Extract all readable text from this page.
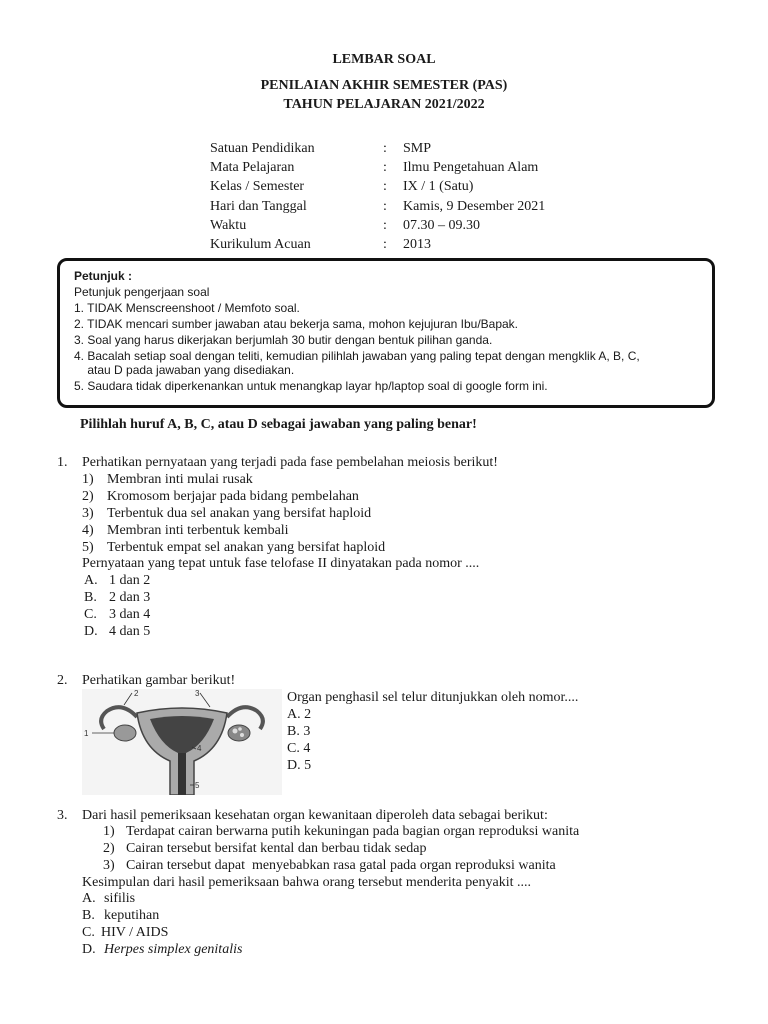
LEMBAR SOAL
PENILAIAN AKHIR SEMESTER (PAS)
TAHUN PELAJARAN 2021/2022
Satuan Pendidikan	: SMP
Mata Pelajaran	: Ilmu Pengetahuan Alam
Kelas / Semester	: IX / 1 (Satu)
Hari dan Tanggal	: Kamis, 9 Desember 2021
Waktu	: 07.30 – 09.30
Kurikulum Acuan	: 2013
Petunjuk :
Petunjuk pengerjaan soal
1. TIDAK Menscreenshoot / Memfoto soal.
2. TIDAK mencari sumber jawaban atau bekerja sama, mohon kejujuran Ibu/Bapak.
3. Soal yang harus dikerjakan berjumlah 30 butir dengan bentuk pilihan ganda.
4. Bacalah setiap soal dengan teliti, kemudian pilihlah jawaban yang paling tepat dengan mengklik A, B, C,
atau D pada jawaban yang disediakan.
5. Saudara tidak diperkenankan untuk menangkap layar hp/laptop soal di google form ini.
Pilihlah huruf A, B, C, atau D sebagai jawaban yang paling benar!
1. Perhatikan pernyataan yang terjadi pada fase pembelahan meiosis berikut!
1) Membran inti mulai rusak
2) Kromosom berjajar pada bidang pembelahan
3) Terbentuk dua sel anakan yang bersifat haploid
4) Membran inti terbentuk kembali
5) Terbentuk empat sel anakan yang bersifat haploid
Pernyataan yang tepat untuk fase telofase II dinyatakan pada nomor ....
A. 1 dan 2
B. 2 dan 3
C. 3 dan 4
D. 4 dan 5
2. Perhatikan gambar berikut!
1
2	3
4
5
Organ penghasil sel telur ditunjukkan oleh nomor....
A. 2
B. 3
C. 4
D. 5
3. Dari hasil pemeriksaan kesehatan organ kewanitaan diperoleh data sebagai berikut:
1) Terdapat cairan berwarna putih kekuningan pada bagian organ reproduksi wanita
2) Cairan tersebut bersifat kental dan berbau tidak sedap
3) Cairan tersebut dapat  menyebabkan rasa gatal pada organ reproduksi wanita
Kesimpulan dari hasil pemeriksaan bahwa orang tersebut menderita penyakit ....
A. sifilis
B. keputihan
C. HIV / AIDS
D. Herpes simplex genitalis
